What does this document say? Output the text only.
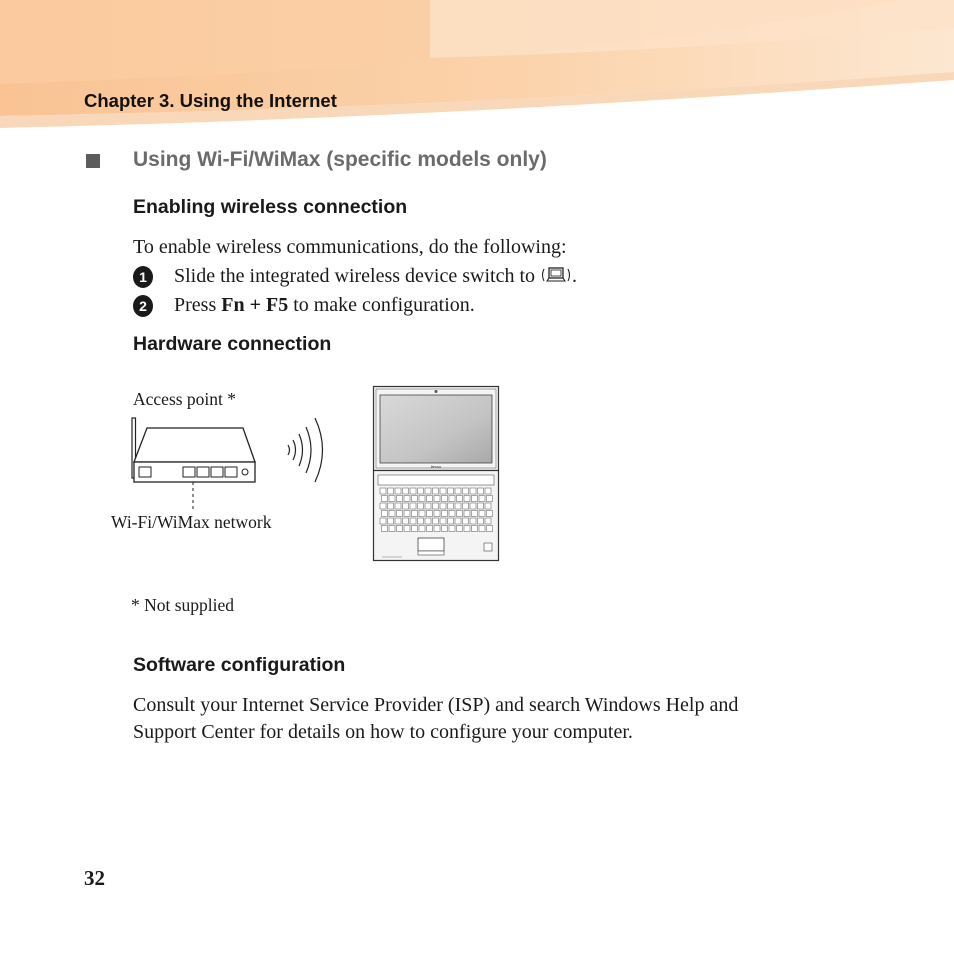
Chapter 3. Using the Internet
Using Wi-Fi/WiMax (specific models only)
Enabling wireless connection
To enable wireless communications, do the following:
1	Slide the integrated wireless device switch to .
2	Press Fn + F5 to make configuration.
Hardware connection
Access point *
Wi-Fi/WiMax network
lenovo
* Not supplied
Software configuration
Consult your Internet Service Provider (ISP) and search Windows Help and
Support Center for details on how to configure your computer.
32
